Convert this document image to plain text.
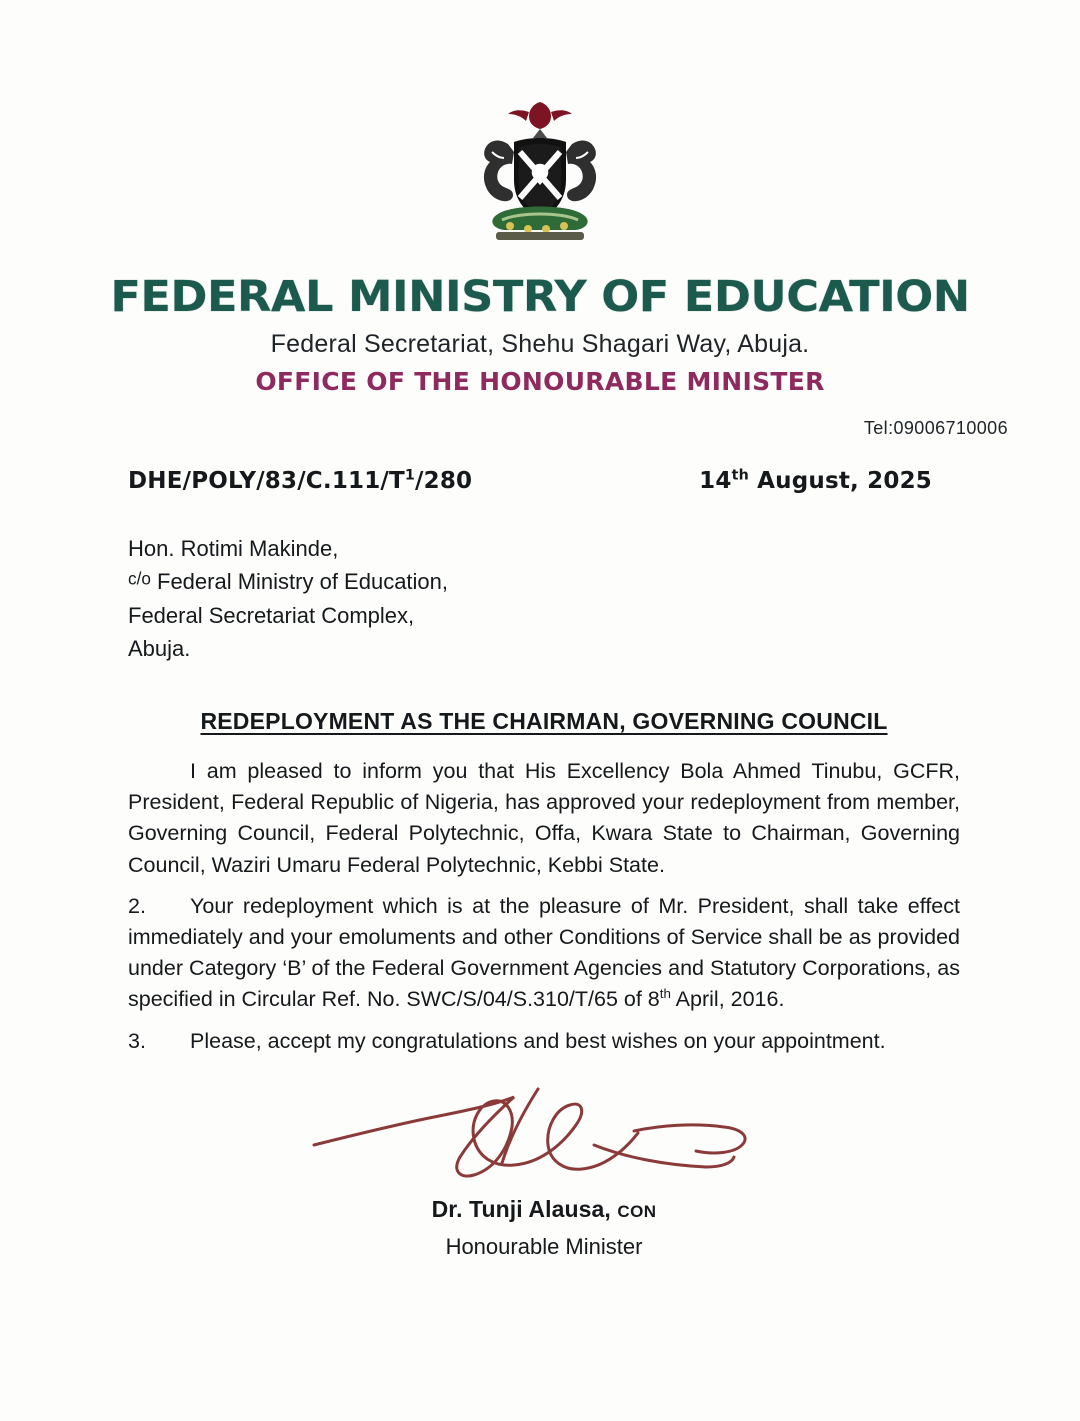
FEDERAL MINISTRY OF EDUCATION
Federal Secretariat, Shehu Shagari Way, Abuja.
OFFICE OF THE HONOURABLE MINISTER
Tel:09006710006
DHE/$POLY/83/C.111/T^1/280$	14th August, 2025
Hon. Rotimi Makinde,
c/o Federal Ministry of Education,
Federal Secretariat Complex,
Abuja.
REDEPLOYMENT AS THE CHAIRMAN, GOVERNING COUNCIL
I am pleased to inform you that His Excellency Bola Ahmed Tinubu, GCFR, President, Federal Republic of Nigeria, has approved your redeployment from member, Governing Council, Federal Polytechnic, Offa, Kwara State to Chairman, Governing Council, Waziri Umaru Federal Polytechnic, Kebbi State.
2. Your redeployment which is at the pleasure of Mr. President, shall take effect immediately and your emoluments and other Conditions of Service shall be as provided under Category ‘B’ of the Federal Government Agencies and Statutory Corporations, as specified in Circular Ref. No. SWC/S/04/S.310/T/65 of 8th April, 2016.
3. Please, accept my congratulations and best wishes on your appointment.
Dr. Tunji Alausa, CON
Honourable Minister
